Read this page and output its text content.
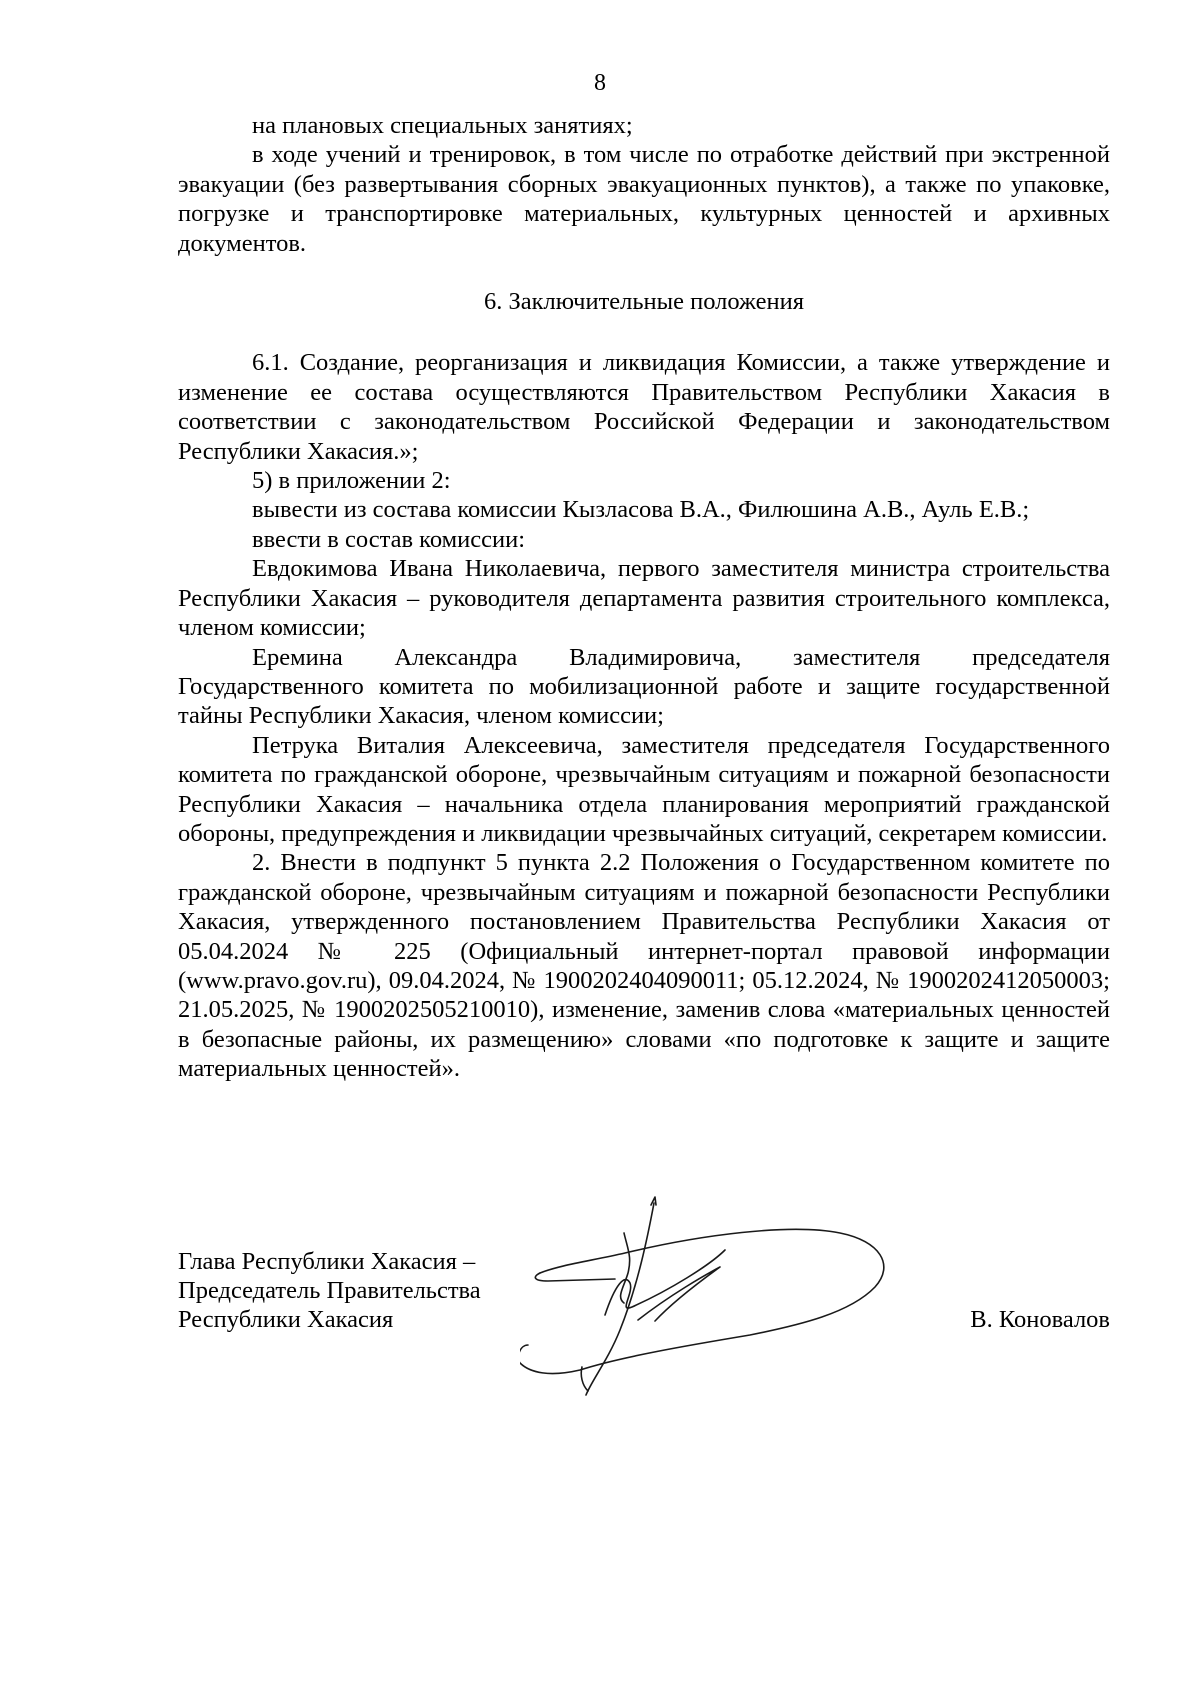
8

на плановых специальных занятиях;

в ходе учений и тренировок, в том числе по отработке действий при экстренной эвакуации (без развертывания сборных эвакуационных пунктов), а также по упаковке, погрузке и транспортировке материальных, культурных ценностей и архивных документов.

6. Заключительные положения

6.1. Создание, реорганизация и ликвидация Комиссии, а также утверждение и изменение ее состава осуществляются Правительством Республики Хакасия в соответствии с законодательством Российской Федерации и законодательством Республики Хакасия.»;

5) в приложении 2:

вывести из состава комиссии Кызласова В.А., Филюшина А.В., Ауль Е.В.;

ввести в состав комиссии:

Евдокимова Ивана Николаевича, первого заместителя министра строительства Республики Хакасия – руководителя департамента развития строительного комплекса, членом комиссии;

Еремина Александра Владимировича, заместителя председателя Государственного комитета по мобилизационной работе и защите государственной тайны Республики Хакасия, членом комиссии;

Петрука Виталия Алексеевича, заместителя председателя Государственного комитета по гражданской обороне, чрезвычайным ситуациям и пожарной безопасности Республики Хакасия – начальника отдела планирования мероприятий гражданской обороны, предупреждения и ликвидации чрезвычайных ситуаций, секретарем комиссии.

2. Внести в подпункт 5 пункта 2.2 Положения о Государственном комитете по гражданской обороне, чрезвычайным ситуациям и пожарной безопасности Республики Хакасия, утвержденного постановлением Правительства Республики Хакасия от 05.04.2024 № 225 (Официальный интернет-портал правовой информации (www.pravo.gov.ru), 09.04.2024, № 1900202404090011; 05.12.2024, № 1900202412050003; 21.05.2025, № 1900202505210010), изменение, заменив слова «материальных ценностей в безопасные районы, их размещению» словами «по подготовке к защите и защите материальных ценностей».

Глава Республики Хакасия –
Председатель Правительства
Республики Хакасия	В. Коновалов
